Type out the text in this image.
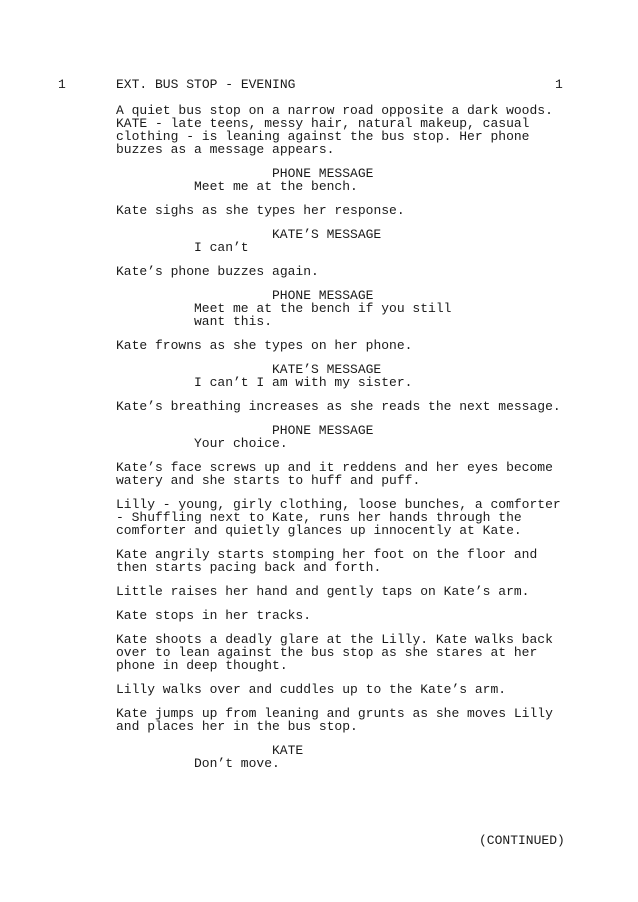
1	1

EXT. BUS STOP - EVENING

A quiet bus stop on a narrow road opposite a dark woods.
KATE - late teens, messy hair, natural makeup, casual
clothing - is leaning against the bus stop. Her phone
buzzes as a message appears.

PHONE MESSAGE

Meet me at the bench.

Kate sighs as she types her response.

KATE’S MESSAGE

I can’t

Kate’s phone buzzes again.

PHONE MESSAGE

Meet me at the bench if you still
want this.

Kate frowns as she types on her phone.

KATE’S MESSAGE

I can’t I am with my sister.

Kate’s breathing increases as she reads the next message.

PHONE MESSAGE

Your choice.

Kate’s face screws up and it reddens and her eyes become
watery and she starts to huff and puff.

Lilly - young, girly clothing, loose bunches, a comforter
- Shuffling next to Kate, runs her hands through the
comforter and quietly glances up innocently at Kate.

Kate angrily starts stomping her foot on the floor and
then starts pacing back and forth.

Little raises her hand and gently taps on Kate’s arm.

Kate stops in her tracks.

Kate shoots a deadly glare at the Lilly. Kate walks back
over to lean against the bus stop as she stares at her
phone in deep thought.

Lilly walks over and cuddles up to the Kate’s arm.

Kate jumps up from leaning and grunts as she moves Lilly
and places her in the bus stop.

KATE

Don’t move.

(CONTINUED)
